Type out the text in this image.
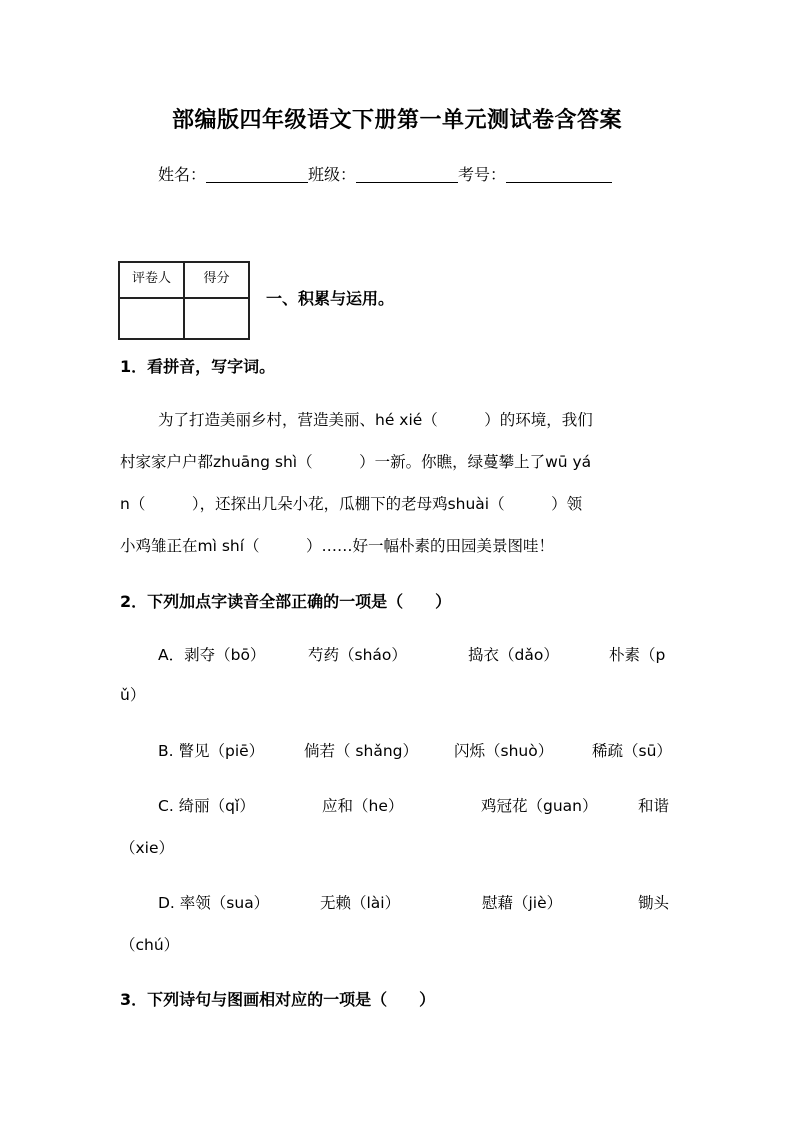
部编版四年级语文下册第一单元测试卷含答案
姓名：	班级：	考号：
评卷人	得分

一、积累与运用。
1．看拼音，写字词。
为了打造美丽乡村，营造美丽、hé xié（　　　）的环境，我们
村家家户户都zhuāng shì（　　　）一新。你瞧，绿蔓攀上了wū yá
n（　　　），还探出几朵小花，瓜棚下的老母鸡shuài（　　　）领
小鸡雏正在mì shí（　　　）……好一幅朴素的田园美景图哇！
2．下列加点字读音全部正确的一项是（　　）
A．剥夺（bō）	芍药（sháo）	捣衣（dǎo）	朴素（p
ǔ）
B. 瞥见（piē）	倘若（ shǎng） 闪烁（shuò）	稀疏（sū）
C. 绮丽（qǐ）	应和（he）	鸡冠花（guan）	和谐
（xie）
D. 率领（sua）	无赖（lài）	慰藉（jiè）	锄头
（chú）
3．下列诗句与图画相对应的一项是（　　）
